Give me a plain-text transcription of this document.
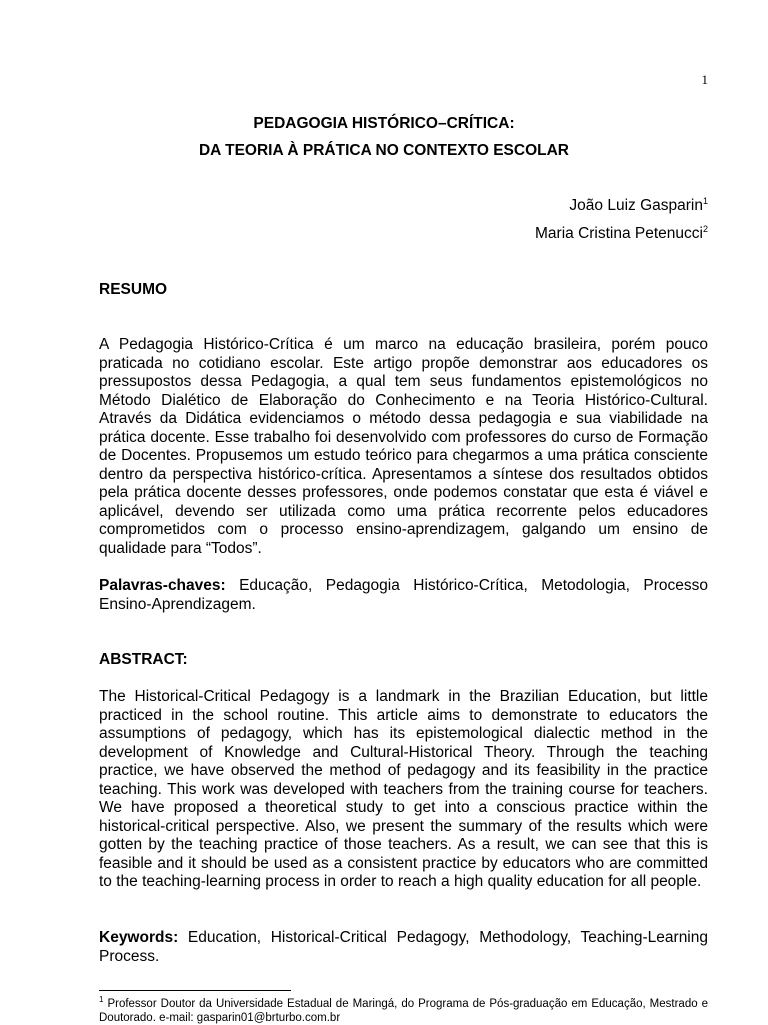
1
PEDAGOGIA HISTÓRICO–CRÍTICA:
DA TEORIA À PRÁTICA NO CONTEXTO ESCOLAR
João Luiz Gasparin$^1$
Maria Cristina Petenucci$^2$
RESUMO

A Pedagogia Histórico-Crítica é um marco na educação brasileira, porém pouco praticada no cotidiano escolar. Este artigo propõe demonstrar aos educadores os pressupostos dessa Pedagogia, a qual tem seus fundamentos epistemológicos no Método Dialético de Elaboração do Conhecimento e na Teoria Histórico-Cultural. Através da Didática evidenciamos o método dessa pedagogia e sua viabilidade na prática docente. Esse trabalho foi desenvolvido com professores do curso de Formação de Docentes. Propusemos um estudo teórico para chegarmos a uma prática consciente dentro da perspectiva histórico-crítica. Apresentamos a síntese dos resultados obtidos pela prática docente desses professores, onde podemos constatar que esta é viável e aplicável, devendo ser utilizada como uma prática recorrente pelos educadores comprometidos com o processo ensino-aprendizagem, galgando um ensino de qualidade para “Todos”.

Palavras-chaves: Educação, Pedagogia Histórico-Crítica, Metodologia, Processo Ensino-Aprendizagem.

ABSTRACT:

The Historical-Critical Pedagogy is a landmark in the Brazilian Education, but little practiced in the school routine. This article aims to demonstrate to educators the assumptions of pedagogy, which has its epistemological dialectic method in the development of Knowledge and Cultural-Historical Theory. Through the teaching practice, we have observed the method of pedagogy and its feasibility in the practice teaching. This work was developed with teachers from the training course for teachers. We have proposed a theoretical study to get into a conscious practice within the historical-critical perspective. Also, we present the summary of the results which were gotten by the teaching practice of those teachers. As a result, we can see that this is feasible and it should be used as a consistent practice by educators who are committed to the teaching-learning process in order to reach a high quality education for all people.

Keywords: Education, Historical-Critical Pedagogy, Methodology, Teaching-Learning Process.

$^1$ Professor Doutor da Universidade Estadual de Maringá, do Programa de Pós-graduação em Educação, Mestrado e Doutorado. e-mail: gasparin01@brturbo.com.br
